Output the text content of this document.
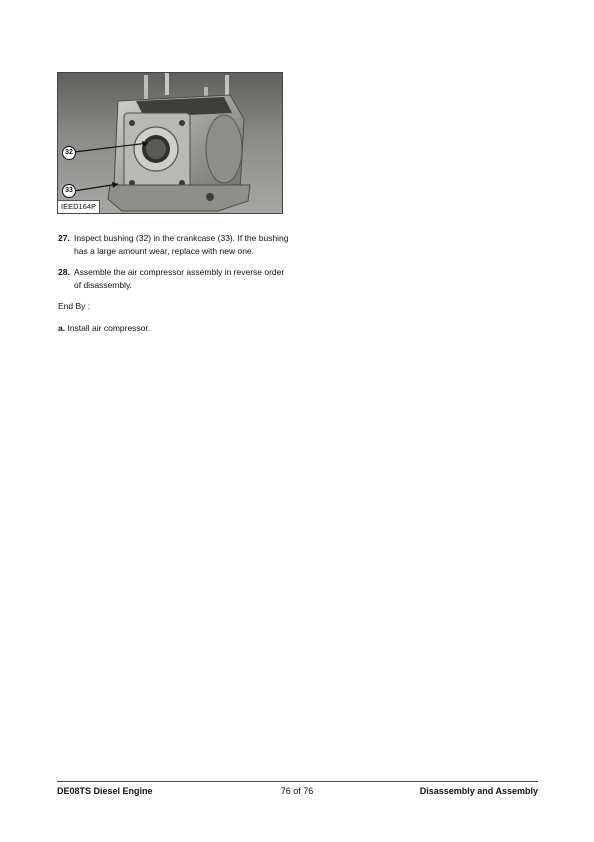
32
33
IEED164P
27. Inspect bushing (32) in the crankcase (33). If the bushing has a large amount wear, replace with new one.
28. Assemble the air compressor assembly in reverse order of disassembly.
End By :
a. Install air compressor.
DE08TS Diesel Engine	76 of 76	Disassembly and Assembly
